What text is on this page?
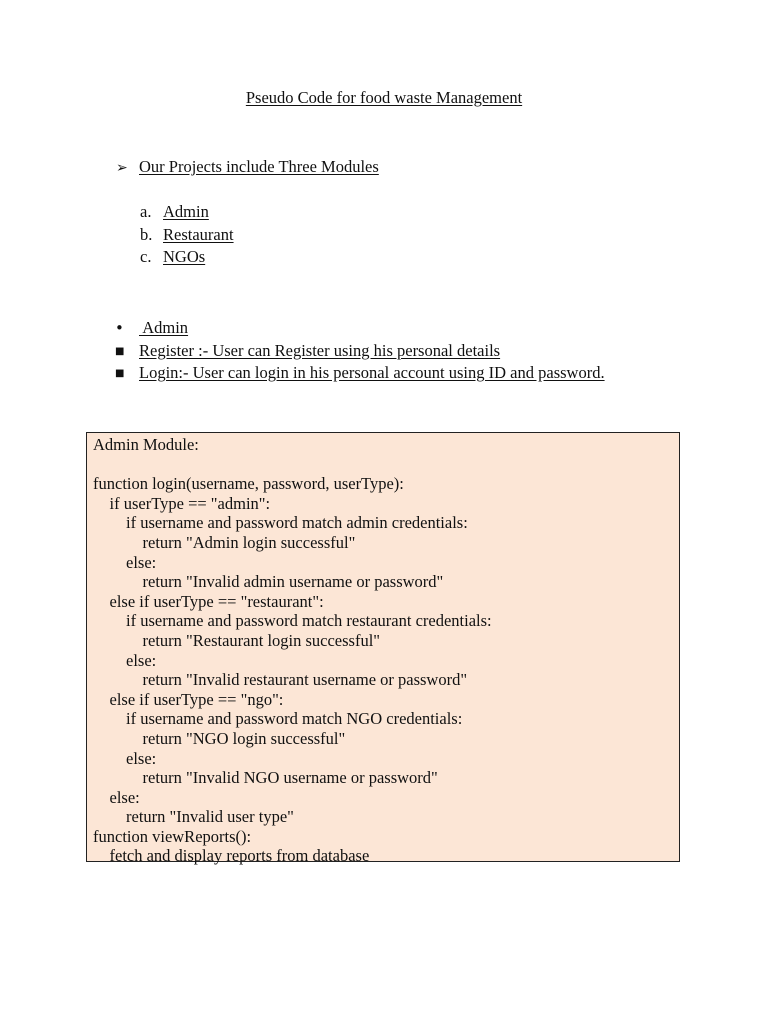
Pseudo Code for food waste Management
➢ Our Projects include Three Modules
a. Admin
b. Restaurant
c. NGOs
• Admin
■ Register :- User can Register using his personal details
■ Login:- User can login in his personal account using ID and password.
Admin Module:
function login(username, password, userType):
if userType == "admin":
if username and password match admin credentials:
return "Admin login successful"
else:
return "Invalid admin username or password"
else if userType == "restaurant":
if username and password match restaurant credentials:
return "Restaurant login successful"
else:
return "Invalid restaurant username or password"
else if userType == "ngo":
if username and password match NGO credentials:
return "NGO login successful"
else:
return "Invalid NGO username or password"
else:
return "Invalid user type"
function viewReports():
fetch and display reports from database
